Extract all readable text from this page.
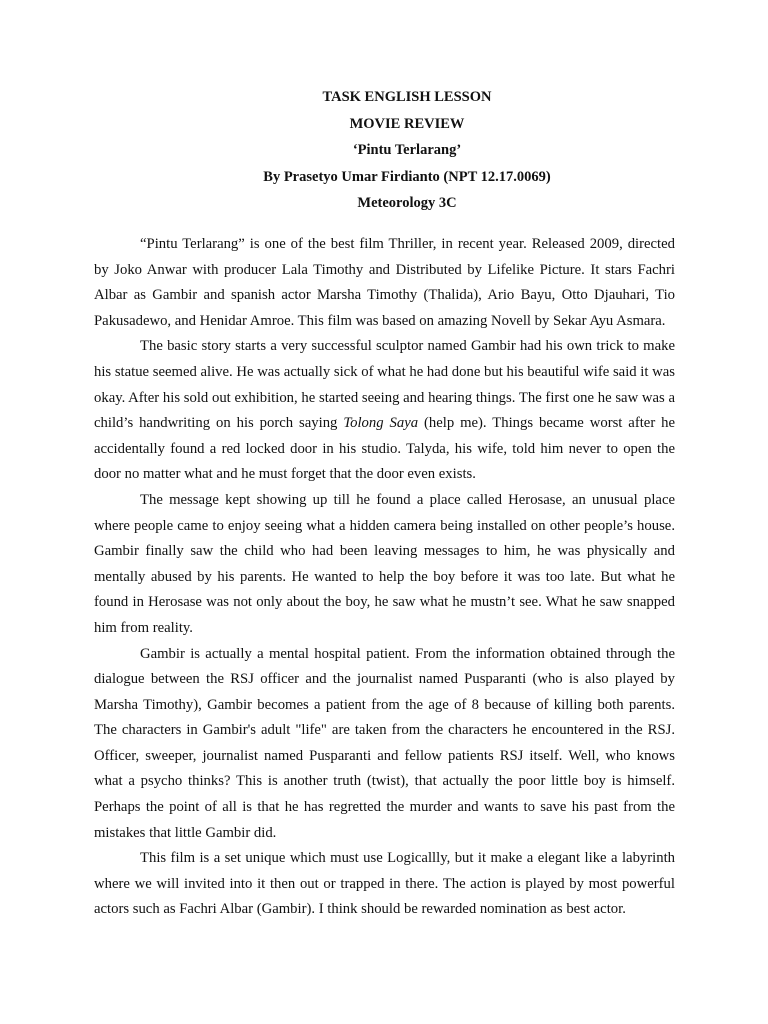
TASK ENGLISH LESSON
MOVIE REVIEW
‘Pintu Terlarang’
By Prasetyo Umar Firdianto (NPT 12.17.0069)
Meteorology 3C

“Pintu Terlarang” is one of the best film Thriller, in recent year. Released 2009, directed by Joko Anwar with producer Lala Timothy and Distributed by Lifelike Picture. It stars Fachri Albar as Gambir and spanish actor Marsha Timothy (Thalida), Ario Bayu, Otto Djauhari, Tio Pakusadewo, and Henidar Amroe. This film was based on amazing Novell by Sekar Ayu Asmara.

The basic story starts a very successful sculptor named Gambir had his own trick to make his statue seemed alive. He was actually sick of what he had done but his beautiful wife said it was okay. After his sold out exhibition, he started seeing and hearing things. The first one he saw was a child’s handwriting on his porch saying Tolong Saya (help me). Things became worst after he accidentally found a red locked door in his studio. Talyda, his wife, told him never to open the door no matter what and he must forget that the door even exists.

The message kept showing up till he found a place called Herosase, an unusual place where people came to enjoy seeing what a hidden camera being installed on other people’s house. Gambir finally saw the child who had been leaving messages to him, he was physically and mentally abused by his parents. He wanted to help the boy before it was too late. But what he found in Herosase was not only about the boy, he saw what he mustn’t see. What he saw snapped him from reality.

Gambir is actually a mental hospital patient. From the information obtained through the dialogue between the RSJ officer and the journalist named Pusparanti (who is also played by Marsha Timothy), Gambir becomes a patient from the age of 8 because of killing both parents. The characters in Gambir's adult "life" are taken from the characters he encountered in the RSJ. Officer, sweeper, journalist named Pusparanti and fellow patients RSJ itself. Well, who knows what a psycho thinks? This is another truth (twist), that actually the poor little boy is himself. Perhaps the point of all is that he has regretted the murder and wants to save his past from the mistakes that little Gambir did.

This film is a set unique which must use Logicallly, but it make a elegant like a labyrinth where we will invited into it then out or trapped in there. The action is played by most powerful actors such as Fachri Albar (Gambir). I think should be rewarded nomination as best actor.
